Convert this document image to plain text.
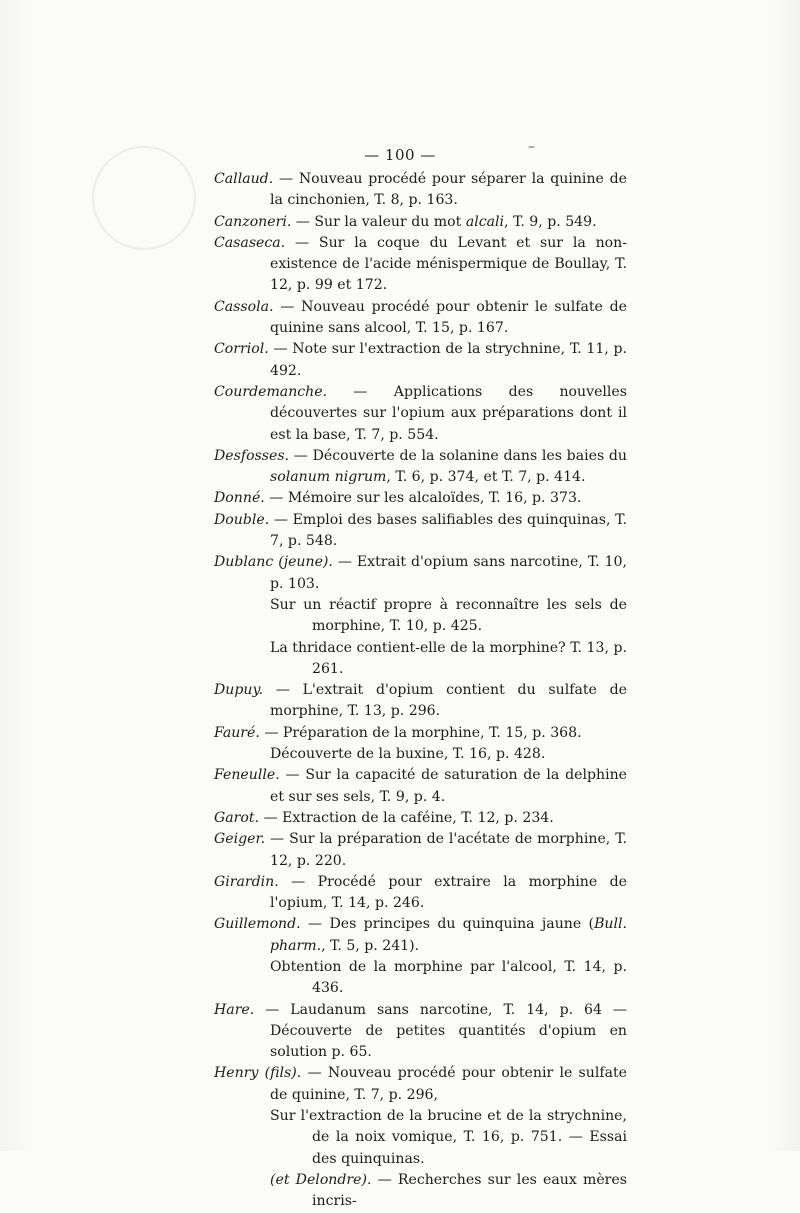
–
— 100 —
Callaud. — Nouveau procédé pour séparer la quinine de la cinchonien, T. 8, p. 163.
Canzoneri. — Sur la valeur du mot alcali, T. 9, p. 549.
Casaseca. — Sur la coque du Levant et sur la non-existence de l'acide ménispermique de Boullay, T. 12, p. 99 et 172.
Cassola. — Nouveau procédé pour obtenir le sulfate de quinine sans alcool, T. 15, p. 167.
Corriol. — Note sur l'extraction de la strychnine, T. 11, p. 492.
Courdemanche. — Applications des nouvelles découvertes sur l'opium aux préparations dont il est la base, T. 7, p. 554.
Desfosses. — Découverte de la solanine dans les baies du solanum nigrum, T. 6, p. 374, et T. 7, p. 414.
Donné. — Mémoire sur les alcaloïdes, T. 16, p. 373.
Double. — Emploi des bases salifiables des quinquinas, T. 7, p. 548.
Dublanc (jeune). — Extrait d'opium sans narcotine, T. 10, p. 103.
Sur un réactif propre à reconnaître les sels de morphine, T. 10, p. 425.
La thridace contient-elle de la morphine? T. 13, p. 261.
Dupuy. — L'extrait d'opium contient du sulfate de morphine, T. 13, p. 296.
Fauré. — Préparation de la morphine, T. 15, p. 368.
Découverte de la buxine, T. 16, p. 428.
Feneulle. — Sur la capacité de saturation de la delphine et sur ses sels, T. 9, p. 4.
Garot. — Extraction de la caféine, T. 12, p. 234.
Geiger. — Sur la préparation de l'acétate de morphine, T. 12, p. 220.
Girardin. — Procédé pour extraire la morphine de l'opium, T. 14, p. 246.
Guillemond. — Des principes du quinquina jaune (Bull. pharm., T. 5, p. 241).
Obtention de la morphine par l'alcool, T. 14, p. 436.
Hare. — Laudanum sans narcotine, T. 14, p. 64 — Découverte de petites quantités d'opium en solution p. 65.
Henry (fils). — Nouveau procédé pour obtenir le sulfate de quinine, T. 7, p. 296,
Sur l'extraction de la brucine et de la strychnine, de la noix vomique, T. 16, p. 751. — Essai des quinquinas.
(et Delondre). — Recherches sur les eaux mères incris-
